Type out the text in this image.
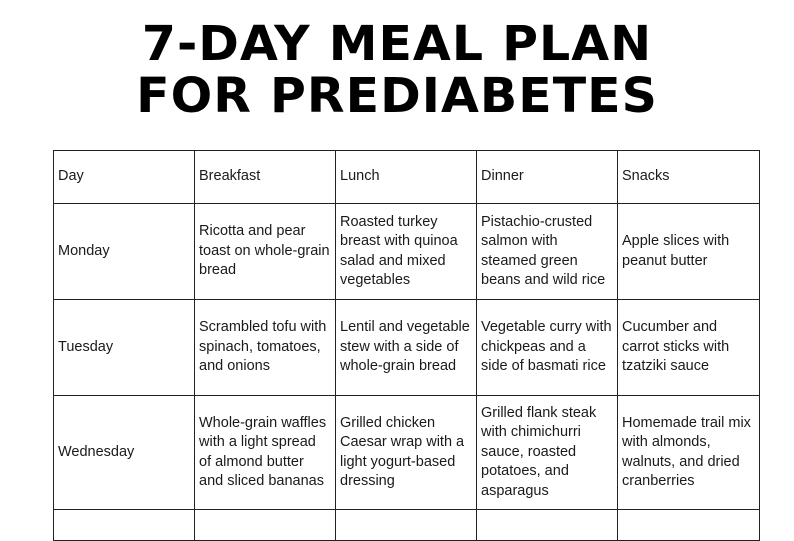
7-DAY MEAL PLAN
FOR PREDIABETES
Day	Breakfast	Lunch	Dinner	Snacks
Monday	Ricotta and pear toast on whole-grain bread	Roasted turkey breast with quinoa salad and mixed vegetables	Pistachio-crusted salmon with steamed green beans and wild rice	Apple slices with peanut butter
Tuesday	Scrambled tofu with spinach, tomatoes, and onions	Lentil and vegetable stew with a side of whole-grain bread	Vegetable curry with chickpeas and a side of basmati rice	Cucumber and carrot sticks with tzatziki sauce
Wednesday	Whole-grain waffles with a light spread of almond butter and sliced bananas	Grilled chicken Caesar wrap with a light yogurt-based dressing	Grilled flank steak with chimichurri sauce, roasted potatoes, and asparagus	Homemade trail mix with almonds, walnuts, and dried cranberries
